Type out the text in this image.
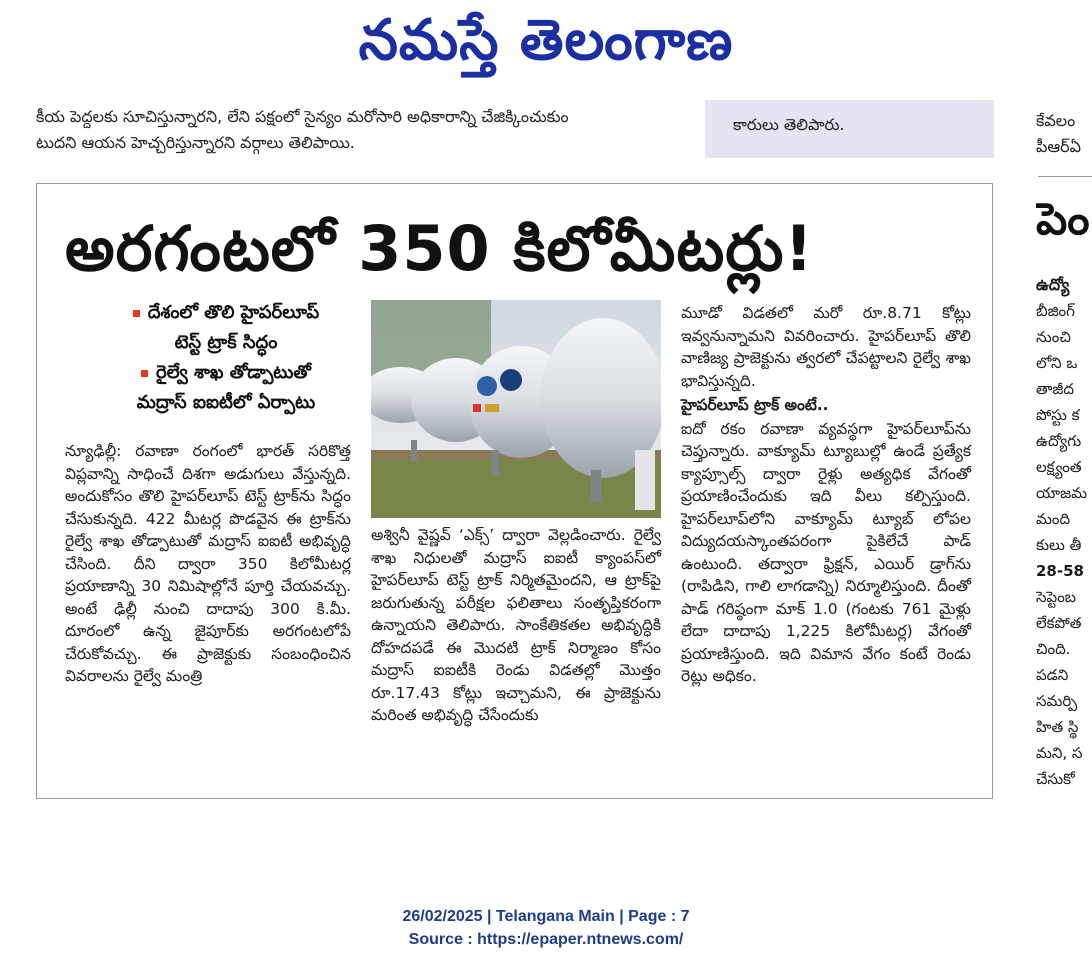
నమస్తే తెలంగాణ
కీయ పెద్దలకు సూచిస్తున్నారని, లేని పక్షంలో సైన్యం మరోసారి అధికారాన్ని చేజిక్కించుకుం
టుదని ఆయన హెచ్చరిస్తున్నారని వర్గాలు తెలిపాయి.
కారులు తెలిపారు.	కేవలం
పీఆర్ఏ
అరగంటలో 350 కిలోమీటర్లు!
దేశంలో తొలి హైపర్‌లూప్
టెస్ట్ ట్రాక్ సిద్ధం
రైల్వే శాఖ తోడ్పాటుతో
మద్రాస్ ఐఐటీలో ఏర్పాటు
న్యూఢిల్లీ: రవాణా రంగంలో భారత్ సరికొత్త విప్లవాన్ని సాధించే దిశగా అడుగులు వేస్తున్నది. అందుకోసం తొలి హైపర్‌లూప్ టెస్ట్ ట్రాక్‌ను సిద్ధం చేసుకున్నది. 422 మీటర్ల పొడవైన ఈ ట్రాక్‌ను రైల్వే శాఖ తోడ్పాటుతో మద్రాస్ ఐఐటీ అభివృద్ధి చేసింది. దీని ద్వారా 350 కిలోమీటర్ల ప్రయాణాన్ని 30 నిమిషాల్లోనే పూర్తి చేయవచ్చు. అంటే ఢిల్లీ నుంచి దాదాపు 300 కి.మీ. దూరంలో ఉన్న జైపూర్‌కు అరగంటలోపే చేరుకోవచ్చు. ఈ ప్రాజెక్టుకు సంబంధించిన వివరాలను రైల్వే మంత్రి
అశ్వినీ వైష్ణవ్ ‘ఎక్స్’ ద్వారా వెల్లడించారు. రైల్వే శాఖ నిధులతో మద్రాస్ ఐఐటీ క్యాంపస్‌లో హైపర్‌లూప్ టెస్ట్ ట్రాక్ నిర్మితమైందని, ఆ ట్రాక్‌పై జరుగుతున్న పరీక్షల ఫలితాలు సంతృప్తికరంగా ఉన్నాయని తెలిపారు. సాంకేతికతల అభివృద్ధికి దోహదపడే ఈ మొదటి ట్రాక్ నిర్మాణం కోసం మద్రాస్ ఐఐటీకి రెండు విడతల్లో మొత్తం రూ.17.43 కోట్లు ఇచ్చామని, ఈ ప్రాజెక్టును మరింత అభివృద్ధి చేసేందుకు
మూడో విడతలో మరో రూ.8.71 కోట్లు ఇవ్వనున్నామని వివరించారు. హైపర్‌లూప్ తొలి వాణిజ్య ప్రాజెక్టును త్వరలో చేపట్టాలని రైల్వే శాఖ భావిస్తున్నది.
హైపర్‌లూప్ ట్రాక్ అంటే..
ఐదో రకం రవాణా వ్యవస్థగా హైపర్‌లూప్‌ను చెప్తున్నారు. వాక్యూమ్ ట్యూబుల్లో ఉండే ప్రత్యేక క్యాప్సూల్స్ ద్వారా రైళ్లు అత్యధిక వేగంతో ప్రయాణించేందుకు ఇది వీలు కల్పిస్తుంది. హైపర్‌లూప్‌లోని వాక్యూమ్ ట్యూబ్ లోపల విద్యుదయస్కాంతపరంగా పైకిలేచే పాడ్ ఉంటుంది. తద్వారా ఫ్రిక్షన్, ఎయిర్ డ్రాగ్‌ను (రాపిడిని, గాలి లాగడాన్ని) నిర్మూలిస్తుంది. దీంతో పాడ్ గరిష్ఠంగా మాక్ 1.0 (గంటకు 761 మైళ్లు లేదా దాదాపు 1,225 కిలోమీటర్ల) వేగంతో ప్రయాణిస్తుంది. ఇది విమాన వేగం కంటే రెండు రెట్లు అధికం.
పెం
ఉద్యో
బీజింగ్
నుంచి
లోని ఒ
తాజీద
పోస్టు క
ఉద్యోగు
లక్ష్యంత
యాజమ
మంది
కులు తీ
28-58
సెప్టెంబ
లేకపోత
చింది.
పడని
సమర్పి
హిత స్థి
మని, స
చేసుకో
26/02/2025 | Telangana Main | Page : 7
Source : https://epaper.ntnews.com/
